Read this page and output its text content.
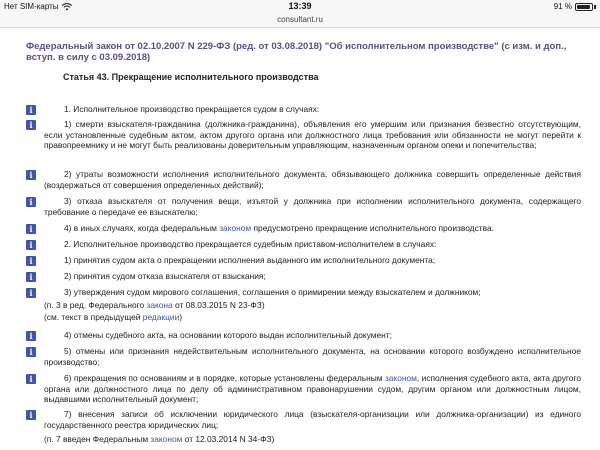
Нет SIM-карты	13:39	91 %
consultant.ru
Федеральный закон от 02.10.2007 N 229-ФЗ (ред. от 03.08.2018) "Об исполнительном производстве" (с изм. и доп., вступ. в силу с 03.09.2018)
Статья 43. Прекращение исполнительного производства
i	1. Исполнительное производство прекращается судом в случаях:
i	1) смерти взыскателя-гражданина (должника-гражданина), объявления его умершим или признания безвестно отсутствующим, если установленные судебным актом, актом другого органа или должностного лица требования или обязанности не могут перейти к правопреемнику и не могут быть реализованы доверительным управляющим, назначенным органом опеки и попечительства;
i	2) утраты возможности исполнения исполнительного документа, обязывающего должника совершить определенные действия (воздержаться от совершения определенных действий);
i	3) отказа взыскателя от получения вещи, изъятой у должника при исполнении исполнительного документа, содержащего требование о передаче ее взыскателю;
i	4) в иных случаях, когда федеральным законом предусмотрено прекращение исполнительного производства.
i	2. Исполнительное производство прекращается судебным приставом-исполнителем в случаях:
i	1) принятия судом акта о прекращении исполнения выданного им исполнительного документа;
i	2) принятия судом отказа взыскателя от взыскания;
i	3) утверждения судом мирового соглашения, соглашения о примирении между взыскателем и должником;
(п. 3 в ред. Федерального закона от 08.03.2015 N 23-ФЗ)
(см. текст в предыдущей редакции)
i	4) отмены судебного акта, на основании которого выдан исполнительный документ;
i	5) отмены или признания недействительным исполнительного документа, на основании которого возбуждено исполнительное производство;
i	6) прекращения по основаниям и в порядке, которые установлены федеральным законом, исполнения судебного акта, акта другого органа или должностного лица по делу об административном правонарушении судом, другим органом или должностным лицом, выдавшими исполнительный документ;
i	7) внесения записи об исключении юридического лица (взыскателя-организации или должника-организации) из единого государственного реестра юридических лиц;
(п. 7 введен Федеральным законом от 12.03.2014 N 34-ФЗ)
